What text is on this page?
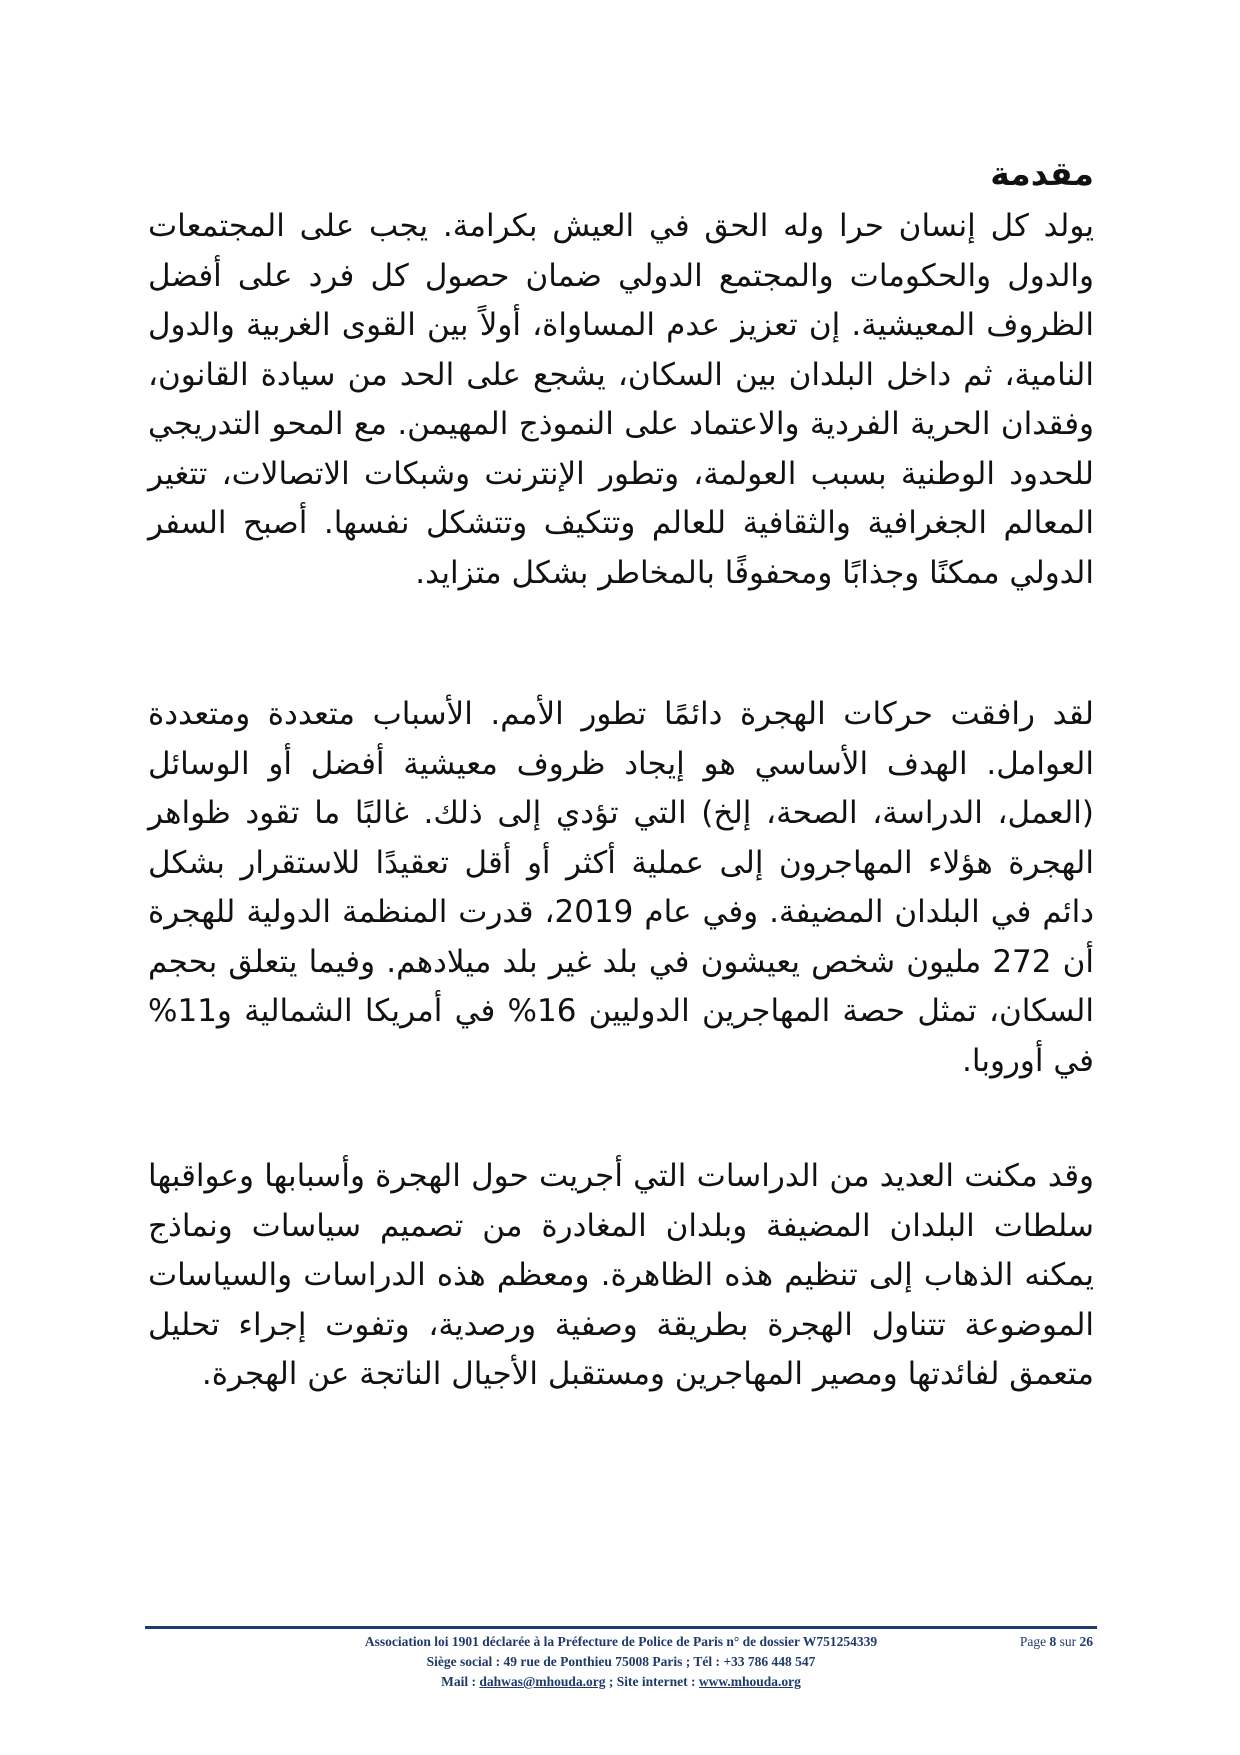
مقدمة

يولد كل إنسان حرا وله الحق في العيش بكرامة. يجب على المجتمعات والدول والحكومات والمجتمع الدولي ضمان حصول كل فرد على أفضل الظروف المعيشية. إن تعزيز عدم المساواة، أولاً بين القوى الغربية والدول النامية، ثم داخل البلدان بين السكان، يشجع على الحد من سيادة القانون، وفقدان الحرية الفردية والاعتماد على النموذج المهيمن. مع المحو التدريجي للحدود الوطنية بسبب العولمة، وتطور الإنترنت وشبكات الاتصالات، تتغير المعالم الجغرافية والثقافية للعالم وتتكيف وتتشكل نفسها. أصبح السفر الدولي ممكنًا وجذابًا ومحفوفًا بالمخاطر بشكل متزايد.

لقد رافقت حركات الهجرة دائمًا تطور الأمم. الأسباب متعددة ومتعددة العوامل. الهدف الأساسي هو إيجاد ظروف معيشية أفضل أو الوسائل (العمل، الدراسة، الصحة، إلخ) التي تؤدي إلى ذلك. غالبًا ما تقود ظواهر الهجرة هؤلاء المهاجرون إلى عملية أكثر أو أقل تعقيدًا للاستقرار بشكل دائم في البلدان المضيفة. وفي عام 2019، قدرت المنظمة الدولية للهجرة أن 272 مليون شخص يعيشون في بلد غير بلد ميلادهم. وفيما يتعلق بحجم السكان، تمثل حصة المهاجرين الدوليين 16% في أمريكا الشمالية و11% في أوروبا.

وقد مكنت العديد من الدراسات التي أجريت حول الهجرة وأسبابها وعواقبها سلطات البلدان المضيفة وبلدان المغادرة من تصميم سياسات ونماذج يمكنه الذهاب إلى تنظيم هذه الظاهرة. ومعظم هذه الدراسات والسياسات الموضوعة تتناول الهجرة بطريقة وصفية ورصدية، وتفوت إجراء تحليل متعمق لفائدتها ومصير المهاجرين ومستقبل الأجيال الناتجة عن الهجرة.

Association loi 1901 déclarée à la Préfecture de Police de Paris n° de dossier W751254339	Page 8 sur 26
Siège social : 49 rue de Ponthieu 75008 Paris ; Tél : +33 786 448 547
Mail : dahwas@mhouda.org ; Site internet : www.mhouda.org
